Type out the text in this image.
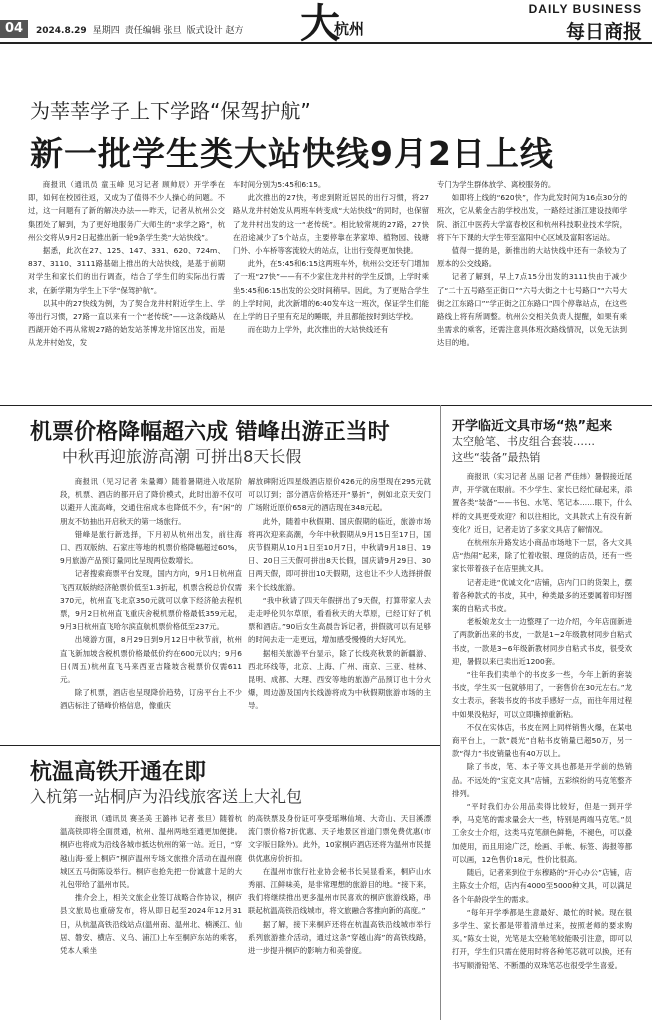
04	2024.8.29 星期四 责任编辑 张旦 版式设计 赵方 大
杭州
DAILY BUSINESS
每日商报
为莘莘学子上下学路“保驾护航”
新一批学生类大站快线9月2日上线

商报讯（通讯员 童玉峰 见习记者 顾帅辰）开学季在即，如何在校园往返，又成为了值得不少人操心的问题。不过，这一问题有了新的解决办法——昨天，记者从杭州公交集团处了解到，为了更好地服务广大师生的“求学之路”，杭州公交将从9月2日起推出新一轮9条学生类“大站快线”。

据悉，此次在27、125、147、331、620、724m、837、3110、3111路基础上推出的大站快线，是基于前期对学生和家长们的出行调查，结合了学生们的实际出行需求，在新学期为学生上下学“保驾护航”。

以其中的27快线为例，为了契合龙井村附近学生上、学等出行习惯，27路一直以来有一个“老传统”——这条线路从西湖开始不再从常规27路的始发站茶博龙井馆区出发，而是从龙井村始发，发

车时间分别为5:45和6:15。

此次推出的27快，考虑到附近居民的出行习惯，将27路从龙井村始发从两班车转变成“大站快线”的同时，也保留了龙井村出发的这一“老传统”。相比较常规的27路，27快在沿途减少了5个站点，主要停靠在茅家埠、植物园、钱塘门外、小车桥等客流较大的站点，让出行变得更加快捷。

此外，在5:45和6:15这两班车外，杭州公交还专门增加了一班“27快”——有不少家住龙井村的学生反馈，上学时乘坐5:45和6:15出发的公交时间稍早。因此，为了更贴合学生的上学时间，此次新增的6:40发车这一班次，保证学生们能在上学的日子里有充足的睡眠，并且都能按时到达学校。

而在助力上学外，此次推出的大站快线还有

专门为学生群体放学、离校服务的。

如即将上线的“620快”，作为此发时间为16点30分的班次，它从紫金古韵学校出发，一路经过浙江建设技师学院、浙江中医药大学富春校区和杭州科技职业技术学院，将下午下课的大学生带至富阳中心区域及富阳客运站。

值得一提的是，新推出的大站快线中还有一条较为了原本的公交线路。

记者了解到，早上7点15分出发的3111快由于减少了“二十五号路至正街口”“六号大街之十七号路口”“六号大街之江东路口”“学正街之江东路口”四个停靠站点，在这些路线上将有所调整。杭州公交相关负责人提醒，如果有乘坐需求的乘客，还需注意具体班次路线情况，以免无法到达目的地。

机票价格降幅超六成 错峰出游正当时
中秋再迎旅游高潮 可拼出8天长假

商报讯（见习记者 朱量卿）随着暑期进入收尾阶段，机票、酒店的都开启了降价模式，此时出游不仅可以避开人流高峰，交通住宿成本也降低不少，有“闲”的朋友不妨抽出开启秋天的第一场旅行。

错峰是旅行新选择，下月初从杭州出发，前往海口、西双版纳、石家庄等地的机票价格降幅超过60%，9月旅游产品预订量同比呈现两位数增长。

记者搜索商票平台发现，国内方向，9月1日杭州直飞西双版纳经济舱票价低至1.3折起，机票含税总价仅需370元，杭州直飞北京350元就可以拿下经济舱去程机票，9月2日杭州直飞重庆舍税机票价格最低359元起，9月3日杭州直飞哈尔滨直航机票价格低至237元。

出境游方面，8月29日到9月12日中秋节前，杭州直飞新加坡含税机票价格最低价约在600元以内；9月6日(周五)杭州直飞马来西亚吉隆坡含税票价仅需611元。

除了机票，酒店也呈现降价趋势，订房平台上不少酒店标注了错峰价格信息，像重庆

解放碑附近四星级酒店原价426元的房型现在295元就可以订到；部分酒店价格还开“暴折”，例如北京天安门广场附近原价658元的酒店现在348元起。

此外，随着中秋假期、国庆假期的临近，旅游市场将再次迎来高潮，今年中秋假期从9月15日至17日，国庆节假期从10月1日至10月7日，中秋请9月18日、19日、20日三天假可拼出8天长假，国庆请9月29日、30日两天假，即可拼出10天假期，这也让不少人选择拼假来个长线旅游。

“我中秋请了四天年假拼出了9天假，打算带家人去走走呼伦贝尔草原，看看秋天的大草原，已经订好了机票和酒店。”90后女生高晨告诉记者，拼假就可以有足够的时间去走一走更远，增加感受慢慢的大好风光。

据相关旅游平台显示，除了长线亮秋景的新疆游、西北环线等，北京、上海、广州、南京、三亚、桂林、昆明、成都、大理、西安等地的旅游产品预订也十分火爆，周边游及国内长线游将成为中秋假期旅游市场的主导。

杭温高铁开通在即
入杭第一站桐庐为沿线旅客送上大礼包

商报讯（通讯员 赛圣美 王潞祎 记者 张旦）随着杭温高铁即将全面贯通，杭州、温州两地至通更加便捷。桐庐也将成为沿线各城市抵达杭州的第一站。近日，“穿越山海·爱上桐庐”桐庐温州专场文旅推介活动在温州鹿城区五马街陈设举行。桐庐也抢先把一份诚意十足的大礼包带给了温州市民。

推介会上，相关文旅企业签订战略合作协议，桐庐县文旅局也重磅发布，将从即日起至2024年12月31日，从杭温高铁沿线站点(温州南、温州北、楠溪江、仙居、磐安、横店、义乌、浦江)上车至桐庐东站的乘客，凭本人乘坐

的高铁票及身份证可享受瑶琳仙境、大奇山、天目溪漂流门票价格7折优惠、天子地景区首道门票免费优惠(市文字版日除外)。此外，10家桐庐酒店还将为温州市民提供优惠房价折扣。

在温州市旅行社业协会秘书长吴显看来，桐庐山水秀丽、江鲜味美，是非常理想的旅游目的地。“接下来，我们将继续推出更多温州市民喜欢的桐庐旅游线路，串联起杭温高铁沿线城市，将文旅融合客推向新的高度。”

据了解，接下来桐庐还将在杭温高铁沿线城市举行系列旅游推介活动，通过这条“穿越山海”的高铁线路，进一步提升桐庐的影响力和美誉度。

开学临近文具市场“热”起来
太空舱笔、书皮组合套装……
这些“装备”最热销

商报讯（实习记者 丛丽 记者 严佳炜）暑假接近尾声，开学就在眼前。不少学生、家长已经忙碌起来，添置各类“装备”——书包、水笔、笔记本……眼下，什么样的文具更受欢迎？和以往相比，文具款式上有没有新变化？近日，记者走访了多家文具店了解情况。

在杭州东升路发达小商品市场地下一层，各大文具店“热闹”起来，除了忙着收银、理货的店员，还有一些家长带着孩子在店里挑文具。

记者走进“优诚文化”店铺，店内门口的货架上，摆着各种款式的书皮，其中，种类最多的还要属着印好图案的自粘式书皮。

老板娘龙女士一边整理了一边介绍，今年店面新进了两款新出来的书皮，一款是1~2年级教材同步自粘式书皮，一款是3~6年级新教材同步自粘式书皮，很受欢迎，暑假以来已卖出近1200套。

“往年我们卖单个的书皮多一些，今年上新的套装书皮，学生买一包就够用了，一套售价在30元左右。”龙女士表示，套装书皮的书皮手感好一点，而往年用过程中如果没粘好，可以立即撕掉重新粘。

不仅在实体店，书皮在网上同样销售火爆，在某电商平台上，一款“晨光”自粘书皮销量已超50万，另一款“得力”书皮销量也有40万以上。

除了书皮，笔、本子等文具也都是开学前的热销品。不远处的“宝克文具”店铺，五彩缤纷的马克笔整齐排列。

“平时我们办公用品卖得比较好，但是一到开学季，马克笔的需求量会大一些，特别是两端马克笔。”员工余女士介绍，这类马克笔颜色鲜艳，不褪色，可以叠加使用，而且用途广泛，绘画、手帐、标签、海报等都可以画，12色售价18元，性价比很高。

随后，记者来到位于东穆路的“开心办公”店铺，店主陈女士介绍，店内有4000至5000种文具，可以满足各个年龄段学生的需求。

“每年开学季都是生意最好、最忙的时候。现在很多学生、家长都是带着清单过来，按照老师的要求购买。”陈女士说，光笔是太空舱笔较能吸引注意，即可以打开，学生们只需在使用时将各种笔芯就可以换，还有书写顺滑铅笔、不断墨的双珠笔芯也很受学生喜爱。
